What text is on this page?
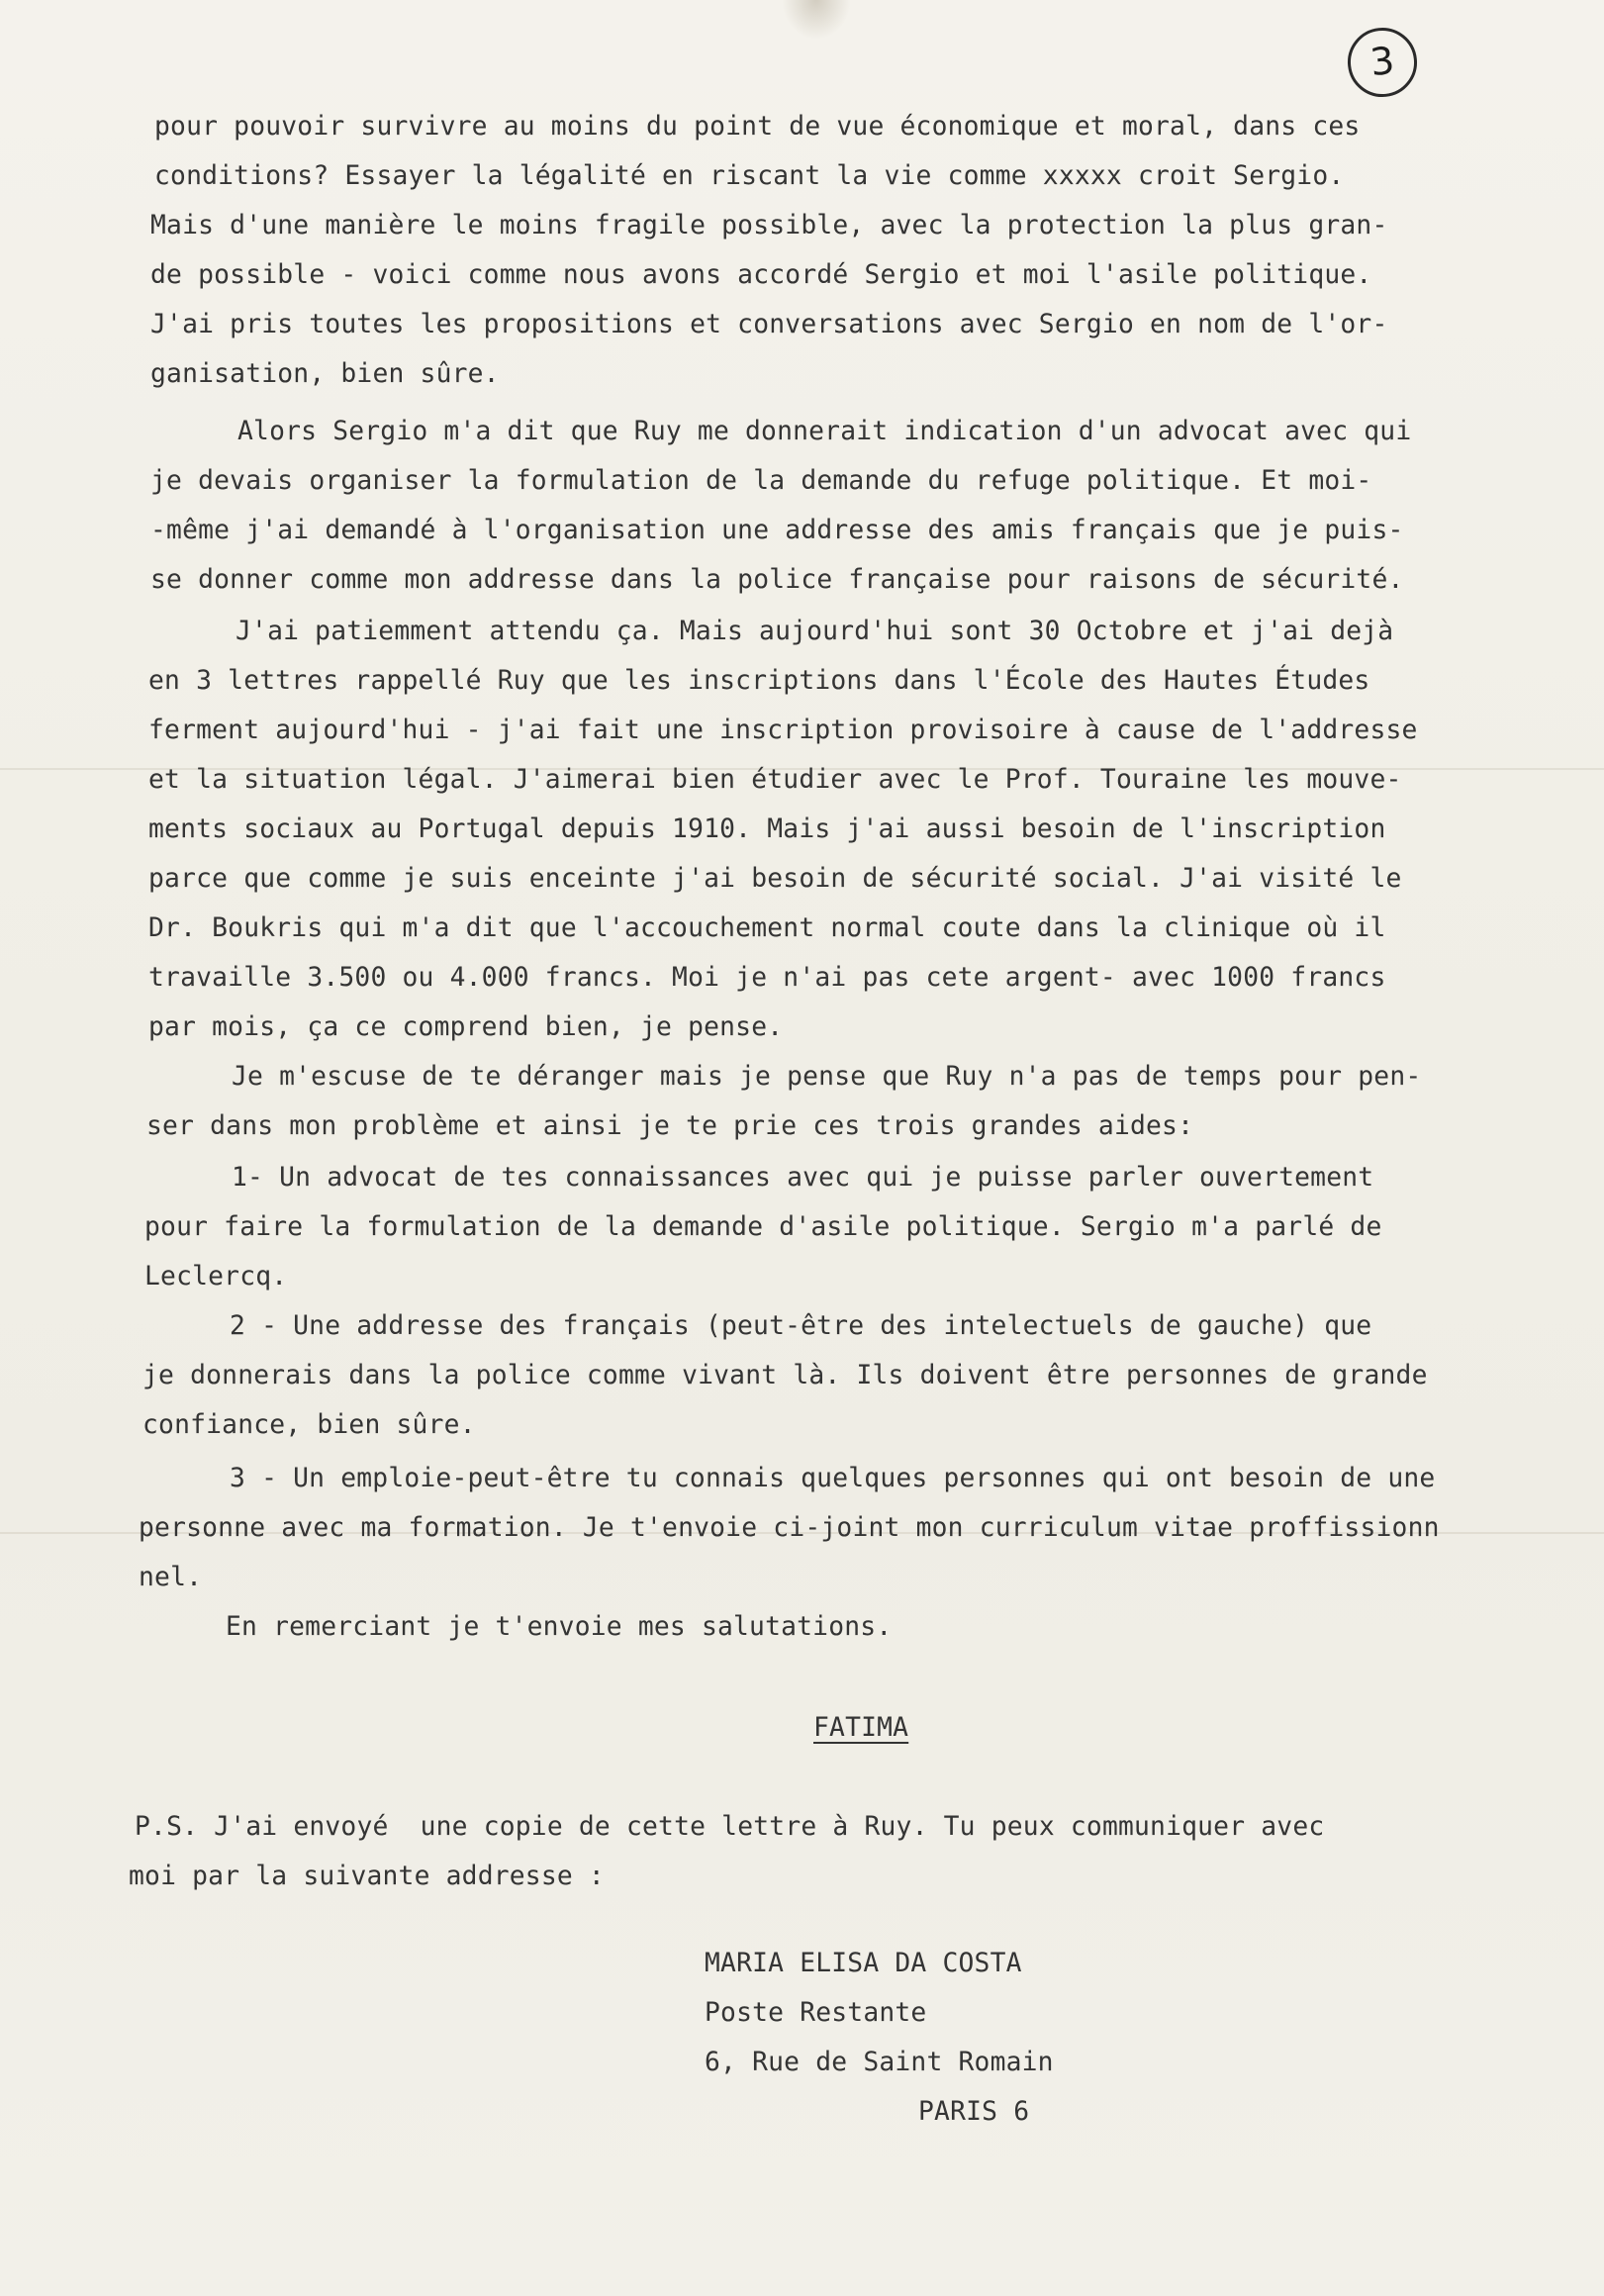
3
pour pouvoir survivre au moins du point de vue économique et moral, dans ces
conditions? Essayer la légalité en riscant la vie comme xxxxx croit Sergio.
Mais d'une manière le moins fragile possible, avec la protection la plus gran-
de possible - voici comme nous avons accordé Sergio et moi l'asile politique.
J'ai pris toutes les propositions et conversations avec Sergio en nom de l'or-
ganisation, bien sûre.
Alors Sergio m'a dit que Ruy me donnerait indication d'un advocat avec qui
je devais organiser la formulation de la demande du refuge politique. Et moi-
-même j'ai demandé à l'organisation une addresse des amis français que je puis-
se donner comme mon addresse dans la police française pour raisons de sécurité.
J'ai patiemment attendu ça. Mais aujourd'hui sont 30 Octobre et j'ai dejà
en 3 lettres rappellé Ruy que les inscriptions dans l'École des Hautes Études
ferment aujourd'hui - j'ai fait une inscription provisoire à cause de l'addresse
et la situation légal. J'aimerai bien étudier avec le Prof. Touraine les mouve-
ments sociaux au Portugal depuis 1910. Mais j'ai aussi besoin de l'inscription
parce que comme je suis enceinte j'ai besoin de sécurité social. J'ai visité le
Dr. Boukris qui m'a dit que l'accouchement normal coute dans la clinique où il
travaille 3.500 ou 4.000 francs. Moi je n'ai pas cete argent- avec 1000 francs
par mois, ça ce comprend bien, je pense.
Je m'escuse de te déranger mais je pense que Ruy n'a pas de temps pour pen-
ser dans mon problème et ainsi je te prie ces trois grandes aides:
1- Un advocat de tes connaissances avec qui je puisse parler ouvertement
pour faire la formulation de la demande d'asile politique. Sergio m'a parlé de
Leclercq.
2 - Une addresse des français (peut-être des intelectuels de gauche) que
je donnerais dans la police comme vivant là. Ils doivent être personnes de grande
confiance, bien sûre.
3 - Un emploie-peut-être tu connais quelques personnes qui ont besoin de une
personne avec ma formation. Je t'envoie ci-joint mon curriculum vitae proffissionn
nel.
En remerciant je t'envoie mes salutations.
FATIMA
P.S. J'ai envoyé  une copie de cette lettre à Ruy. Tu peux communiquer avec
moi par la suivante addresse :
MARIA ELISA DA COSTA
Poste Restante
6, Rue de Saint Romain
PARIS 6
